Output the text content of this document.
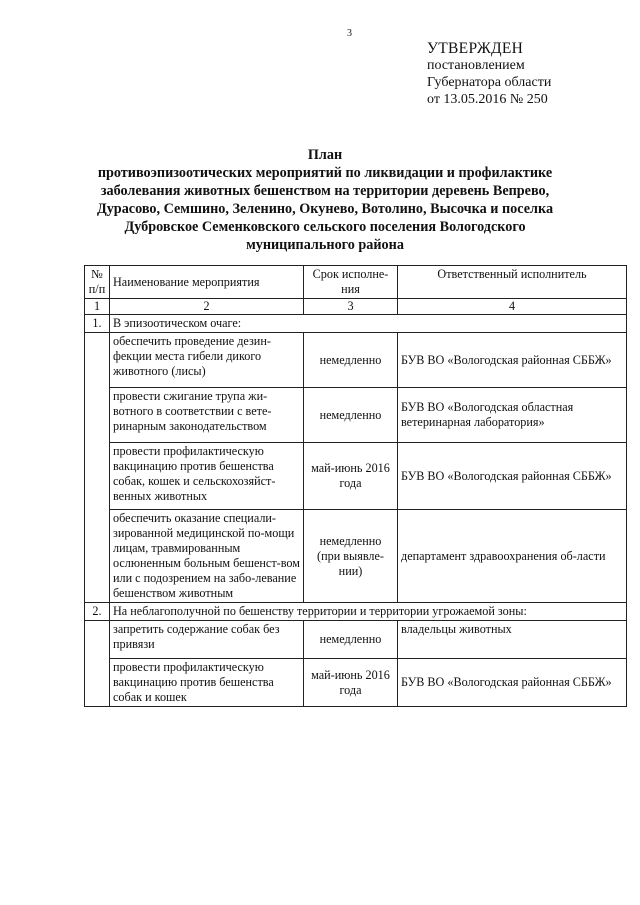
3
УТВЕРЖДЕН
постановлением
Губернатора области
от 13.05.2016 № 250
План
противоэпизоотических мероприятий по ликвидации и профилактике
заболевания животных бешенством на территории деревень Вепрево,
Дурасово, Семшино, Зеленино, Окунево, Вотолино, Высочка и поселка
Дубровское Семенковского сельского поселения Вологодского
муниципального района
№ п/п	Наименование мероприятия	Срок исполне-ния	Ответственный исполнитель
1	2	3	4
1.	В эпизоотическом очаге:		
	обеспечить проведение дезин-фекции места гибели дикого животного (лисы)	немедленно	БУВ ВО «Вологодская районная СББЖ»
	провести сжигание трупа жи-вотного в соответствии с вете-ринарным законодательством	немедленно	БУВ ВО «Вологодская областная ветеринарная лаборатория»
	провести профилактическую вакцинацию против бешенства собак, кошек и сельскохозяйст-венных животных	май-июнь 2016 года	БУВ ВО «Вологодская районная СББЖ»
	обеспечить оказание специали-зированной медицинской по-мощи лицам, травмированным ослюненным больным бешенст-вом или с подозрением на забо-левание бешенством животным	немедленно (при выявле-нии)	департамент здравоохранения об-ласти
2.	На неблагополучной по бешенству территории и территории угрожаемой зоны:		
	запретить содержание собак без привязи	немедленно	владельцы животных
	провести профилактическую вакцинацию против бешенства собак и кошек	май-июнь 2016 года	БУВ ВО «Вологодская районная СББЖ»
